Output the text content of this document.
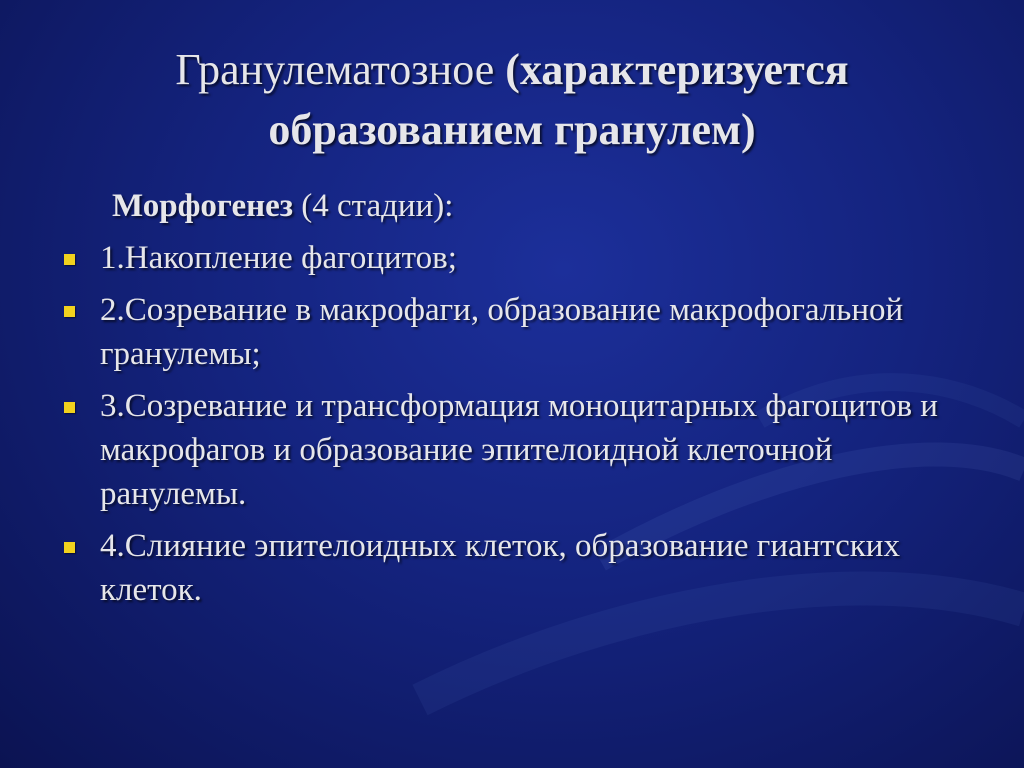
Гранулематозное (характеризуется образованием гранулем)
Морфогенез (4 стадии):
1.Накопление фагоцитов;
2.Созревание в макрофаги, образование макрофогальной гранулемы;
3.Созревание и трансформация моноцитарных фагоцитов и макрофагов и образование эпителоидной клеточной ранулемы.
4.Слияние эпителоидных клеток, образование гиантских клеток.
